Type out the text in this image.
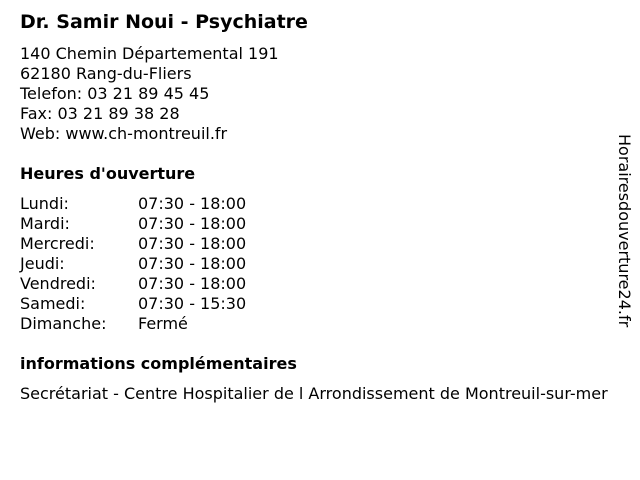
Dr. Samir Noui - Psychiatre
140 Chemin Départemental 191
62180 Rang-du-Fliers
Telefon: 03 21 89 45 45
Fax: 03 21 89 38 28
Web: www.ch-montreuil.fr
Heures d'ouverture
Lundi:	07:30 - 18:00
Mardi:	07:30 - 18:00
Mercredi:	07:30 - 18:00
Jeudi:	07:30 - 18:00
Vendredi:	07:30 - 18:00
Samedi:	07:30 - 15:30
Dimanche: Fermé
informations complémentaires
Secrétariat - Centre Hospitalier de l Arrondissement de Montreuil-sur-mer
Horairesdouverture24.fr
